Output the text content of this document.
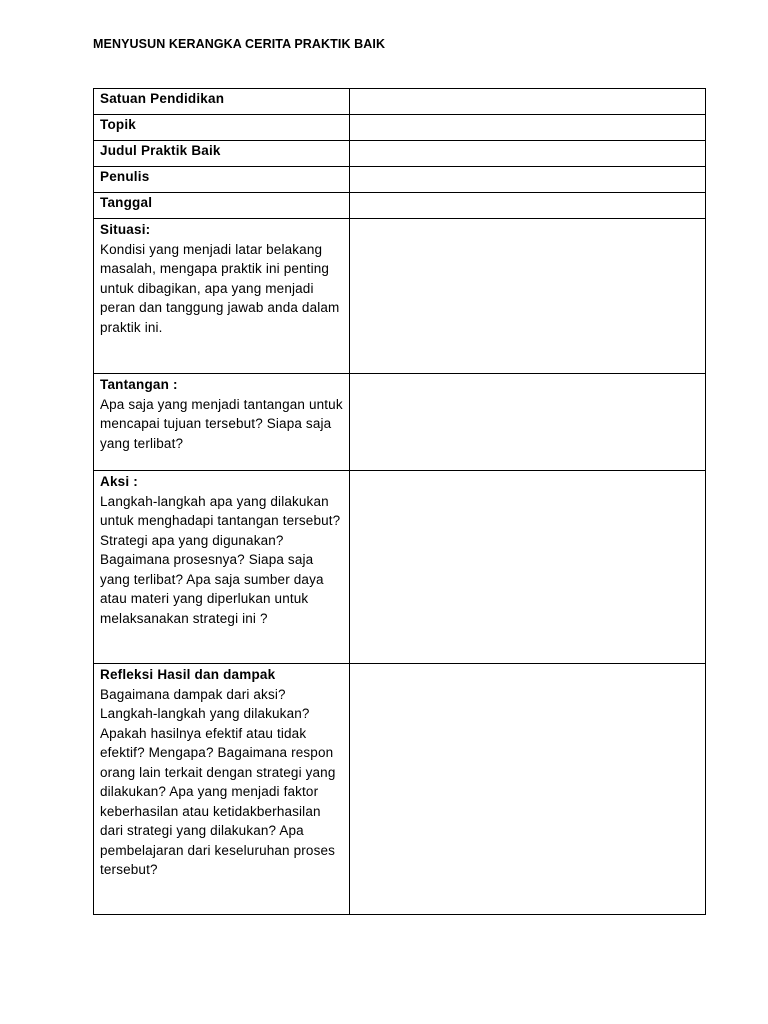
MENYUSUN KERANGKA CERITA PRAKTIK BAIK
Satuan Pendidikan	

Topik	

Judul Praktik Baik	

Penulis	

Tanggal	

Situasi:
Kondisi yang menjadi latar belakang masalah, mengapa praktik ini penting untuk dibagikan, apa yang menjadi peran dan tanggung jawab anda dalam praktik ini.	

Tantangan :
Apa saja yang menjadi tantangan untuk mencapai tujuan tersebut? Siapa saja yang terlibat?	

Aksi :
Langkah-langkah apa yang dilakukan untuk menghadapi tantangan tersebut? Strategi apa yang digunakan? Bagaimana prosesnya? Siapa saja yang terlibat? Apa saja sumber daya atau materi yang diperlukan untuk melaksanakan strategi ini ?	

Refleksi Hasil dan dampak
Bagaimana dampak dari aksi? Langkah-langkah yang dilakukan? Apakah hasilnya efektif atau tidak efektif? Mengapa? Bagaimana respon orang lain terkait dengan strategi yang dilakukan? Apa yang menjadi faktor keberhasilan atau ketidakberhasilan dari strategi yang dilakukan? Apa pembelajaran dari keseluruhan proses tersebut?	
